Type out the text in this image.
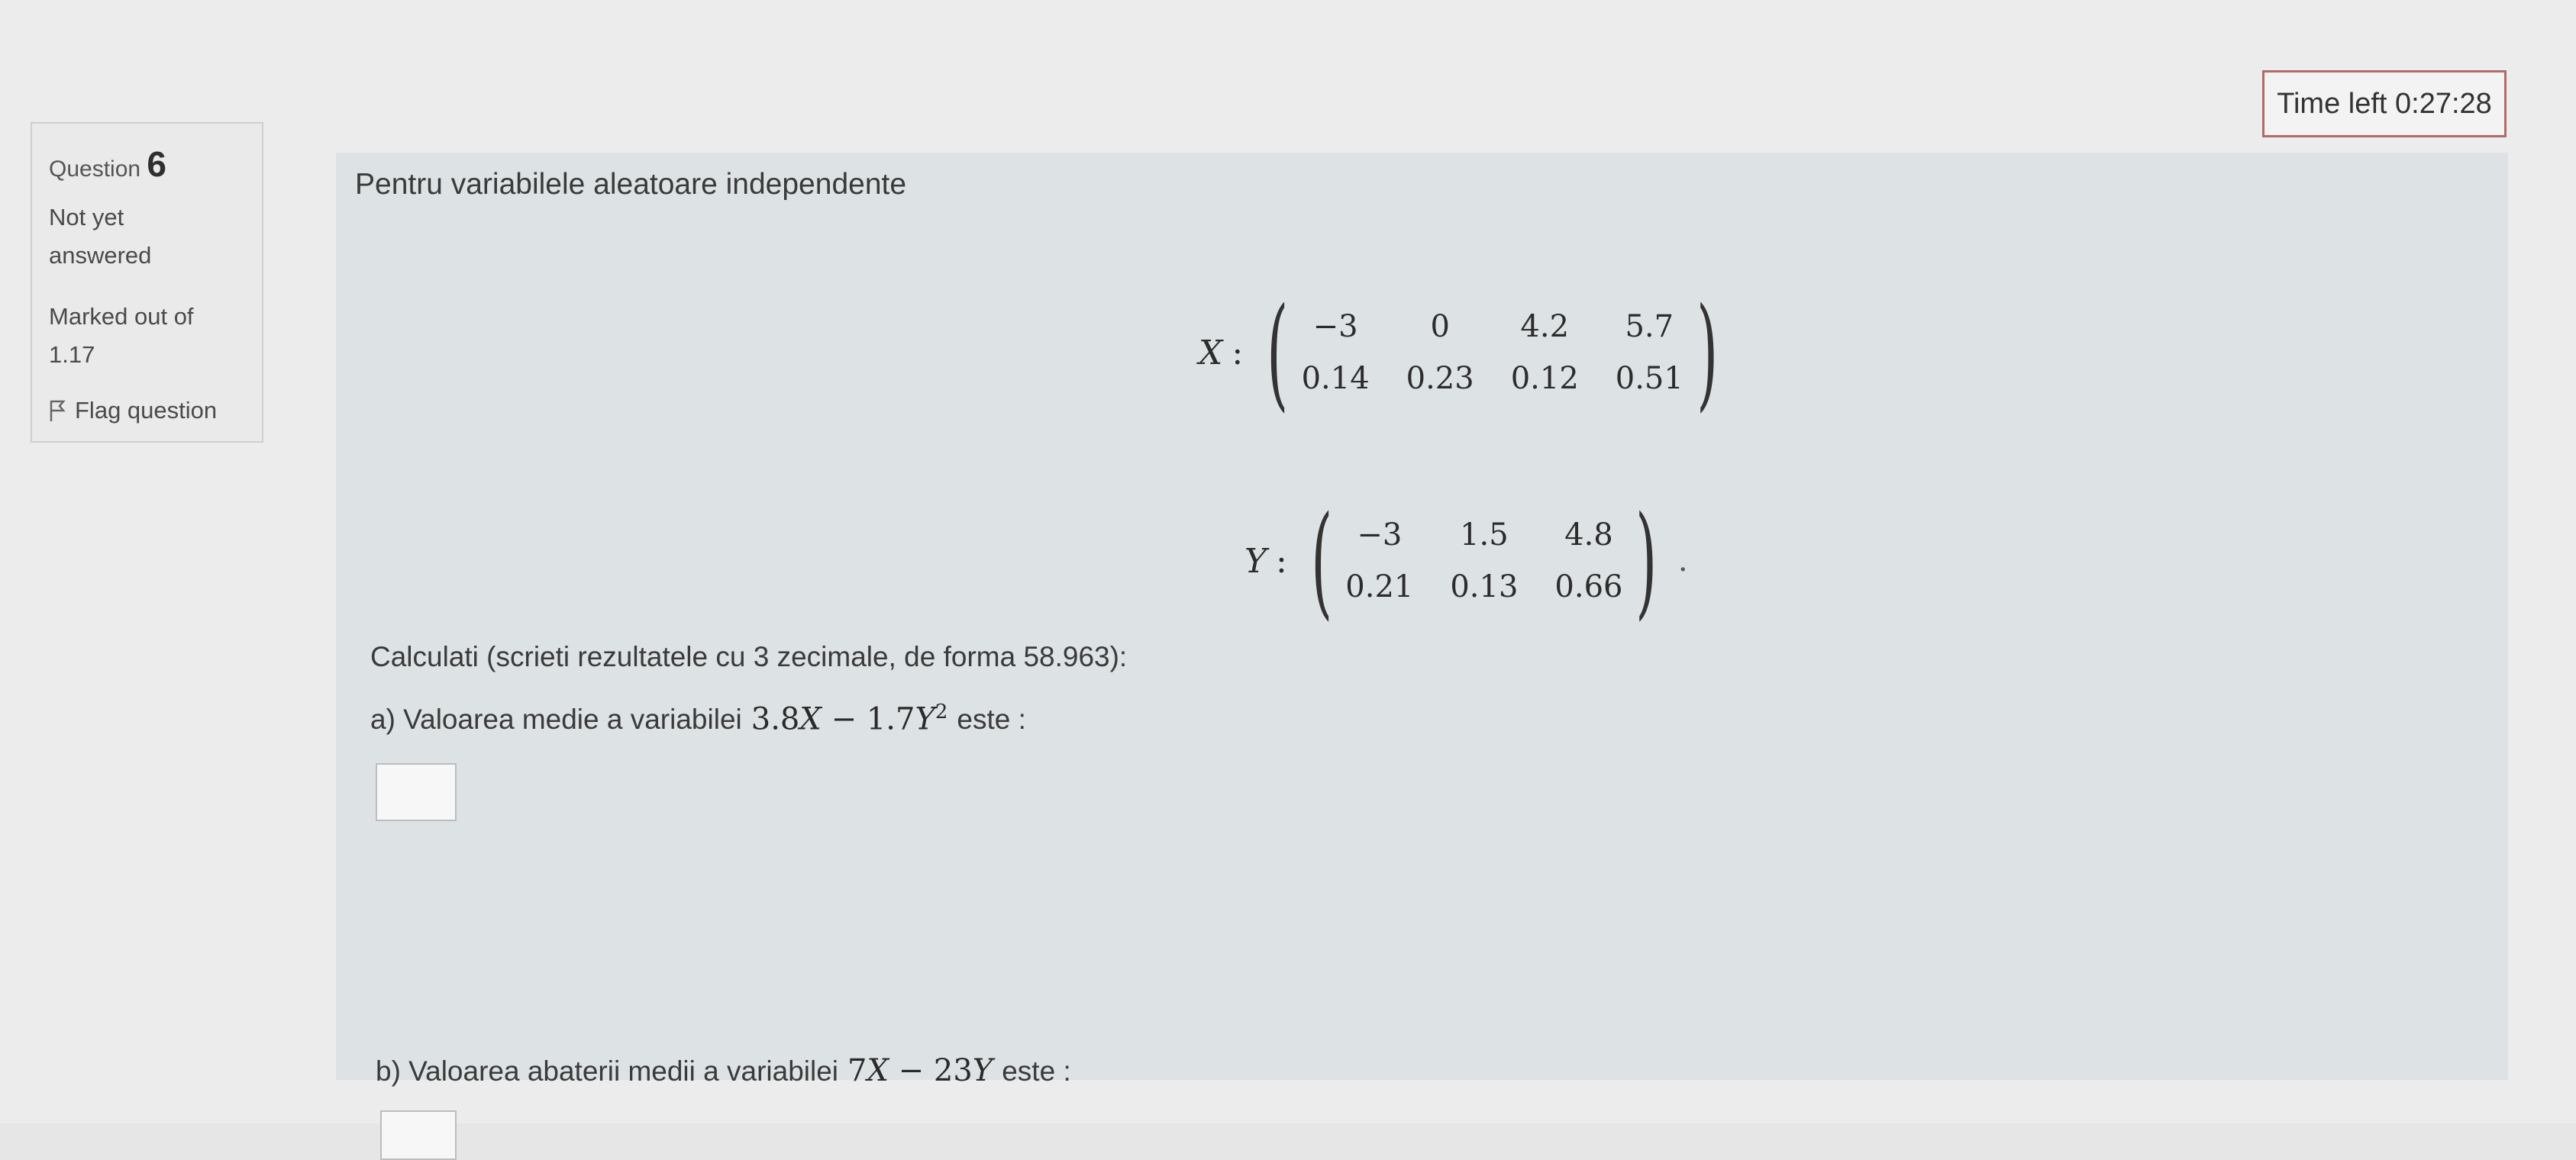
Time left 0:27:28
Question 6
Not yet answered
Marked out of 1.17
Flag question
Pentru variabilele aleatoare independente
X : ( −3
0.14
0
0.23
4.2
0.12
5.7
0.51 )
Y : ( −3
0.21
1.5
0.13
4.8
0.66 ) .
Calculati (scrieti rezultatele cu 3 zecimale, de forma 58.963):
a) Valoarea medie a variabilei $3.8X - 1.7Y^2$ este :
b) Valoarea abaterii medii a variabilei 7X − 23Y este :
